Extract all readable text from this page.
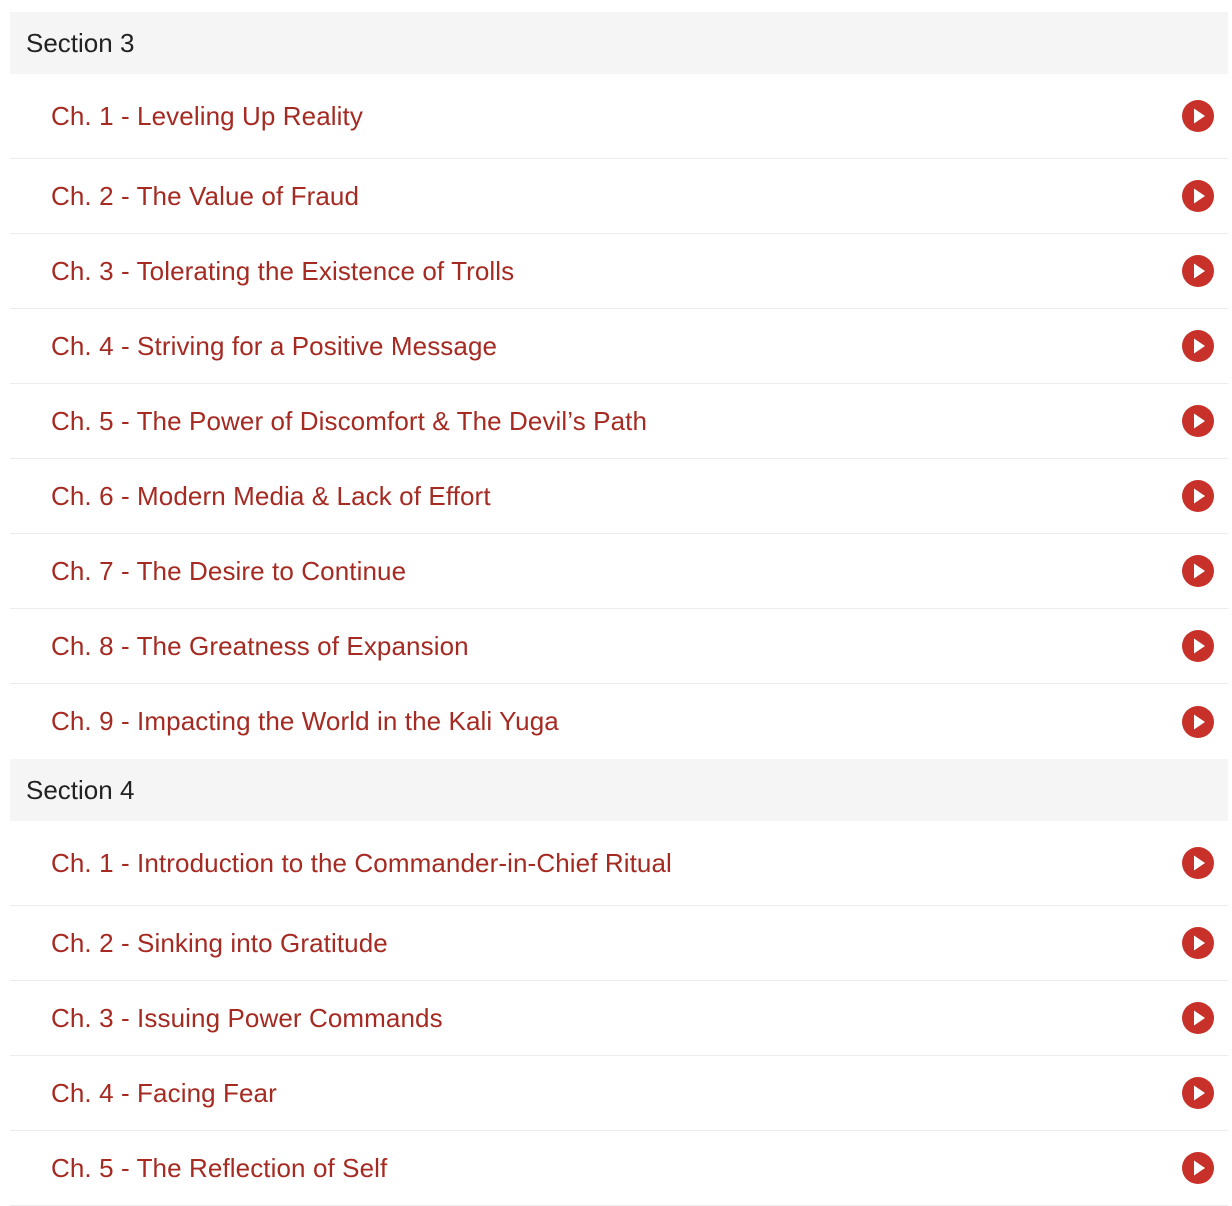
Section 3
Ch. 1 - Leveling Up Reality
Ch. 2 - The Value of Fraud
Ch. 3 - Tolerating the Existence of Trolls
Ch. 4 - Striving for a Positive Message
Ch. 5 - The Power of Discomfort & The Devil’s Path
Ch. 6 - Modern Media & Lack of Effort
Ch. 7 - The Desire to Continue
Ch. 8 - The Greatness of Expansion
Ch. 9 - Impacting the World in the Kali Yuga
Section 4
Ch. 1 - Introduction to the Commander-in-Chief Ritual
Ch. 2 - Sinking into Gratitude
Ch. 3 - Issuing Power Commands
Ch. 4 - Facing Fear
Ch. 5 - The Reflection of Self
